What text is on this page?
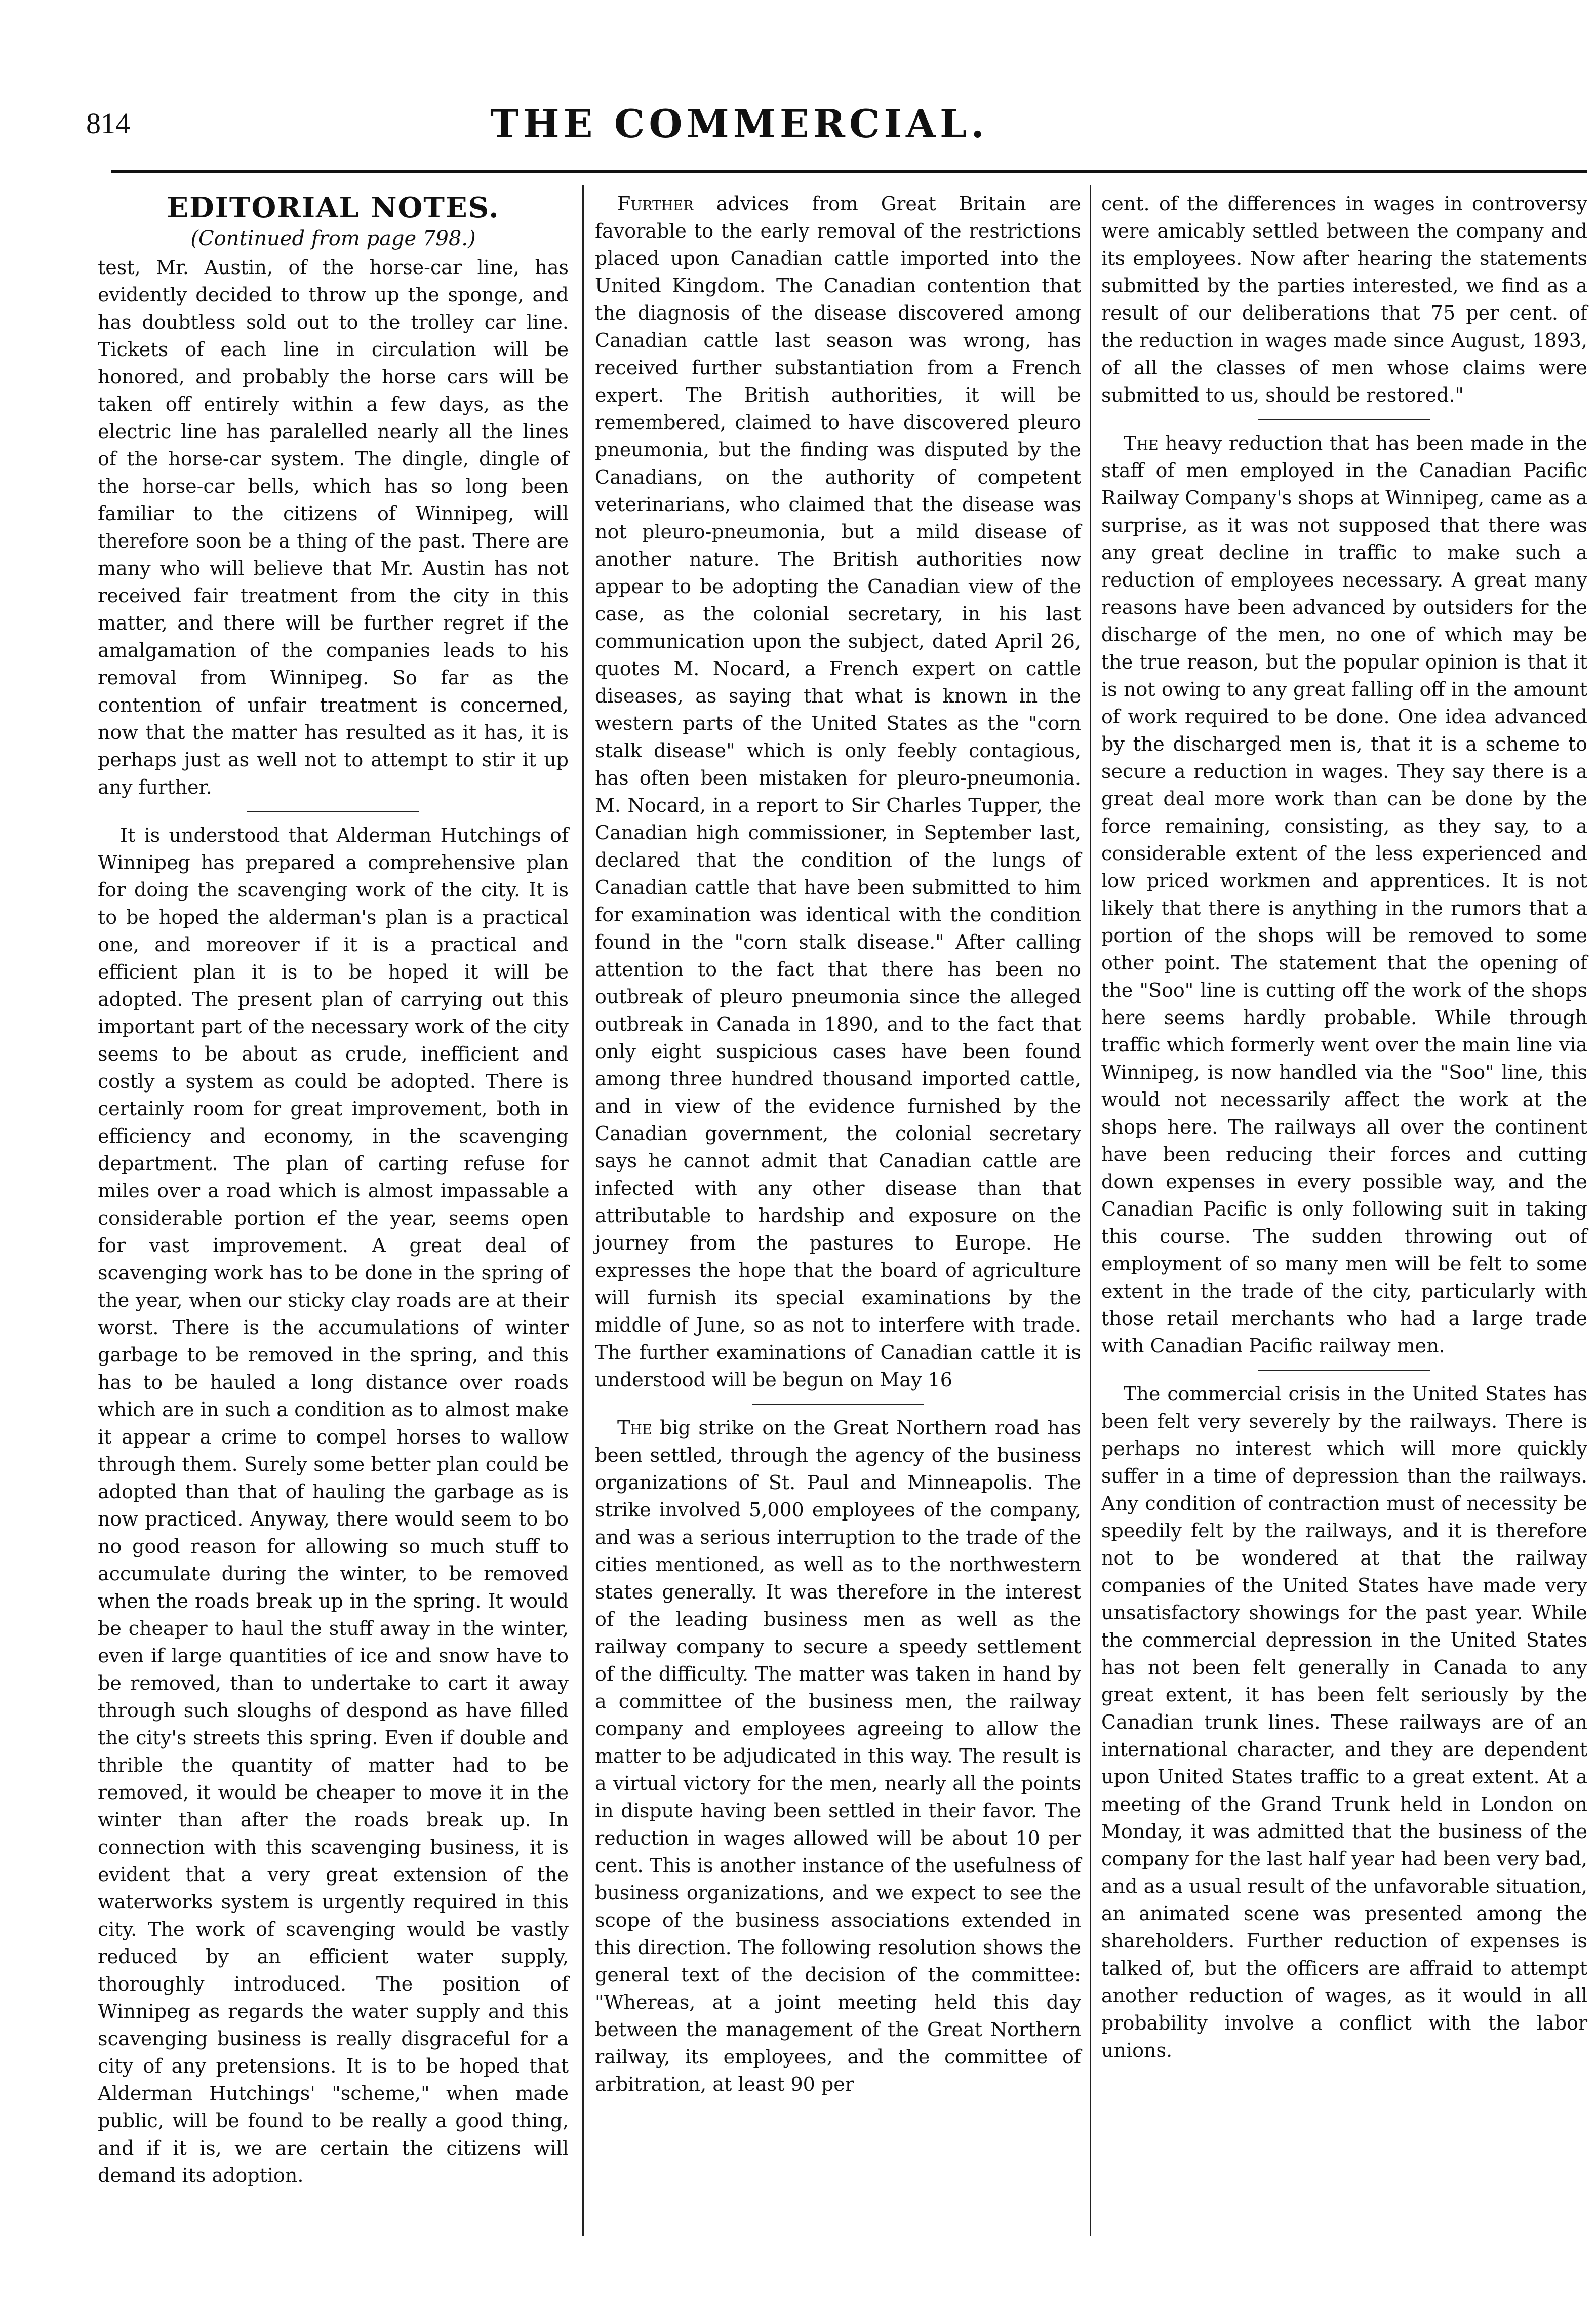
814	THE COMMERCIAL.
EDITORIAL NOTES.

(Continued from page 798.)

test, Mr. Austin, of the horse-car line, has evidently decided to throw up the sponge, and has doubtless sold out to the trolley car line. Tickets of each line in circulation will be honored, and probably the horse cars will be taken off entirely within a few days, as the electric line has paralelled nearly all the lines of the horse-car system. The dingle, dingle of the horse-car bells, which has so long been familiar to the citizens of Winnipeg, will therefore soon be a thing of the past. There are many who will believe that Mr. Austin has not received fair treatment from the city in this matter, and there will be further regret if the amalgamation of the companies leads to his removal from Winnipeg. So far as the contention of unfair treatment is concerned, now that the matter has resulted as it has, it is perhaps just as well not to attempt to stir it up any further.

It is understood that Alderman Hutchings of Winnipeg has prepared a comprehensive plan for doing the scavenging work of the city. It is to be hoped the alderman's plan is a practical one, and moreover if it is a practical and efficient plan it is to be hoped it will be adopted. The present plan of carrying out this important part of the necessary work of the city seems to be about as crude, inefficient and costly a system as could be adopted. There is certainly room for great improvement, both in efficiency and economy, in the scavenging department. The plan of carting refuse for miles over a road which is almost impassable a considerable portion ef the year, seems open for vast improvement. A great deal of scavenging work has to be done in the spring of the year, when our sticky clay roads are at their worst. There is the accumulations of winter garbage to be removed in the spring, and this has to be hauled a long distance over roads which are in such a condition as to almost make it appear a crime to compel horses to wallow through them. Surely some better plan could be adopted than that of hauling the garbage as is now practiced. Anyway, there would seem to bo no good reason for allowing so much stuff to accumulate during the winter, to be removed when the roads break up in the spring. It would be cheaper to haul the stuff away in the winter, even if large quantities of ice and snow have to be removed, than to undertake to cart it away through such sloughs of despond as have filled the city's streets this spring. Even if double and thrible the quantity of matter had to be removed, it would be cheaper to move it in the winter than after the roads break up. In connection with this scavenging business, it is evident that a very great extension of the waterworks system is urgently required in this city. The work of scavenging would be vastly reduced by an efficient water supply, thoroughly introduced. The position of Winnipeg as regards the water supply and this scavenging business is really disgraceful for a city of any pretensions. It is to be hoped that Alderman Hutchings' "scheme," when made public, will be found to be really a good thing, and if it is, we are certain the citizens will demand its adoption.

Further advices from Great Britain are favorable to the early removal of the restrictions placed upon Canadian cattle imported into the United Kingdom. The Canadian contention that the diagnosis of the disease discovered among Canadian cattle last season was wrong, has received further substantiation from a French expert. The British authorities, it will be remembered, claimed to have discovered pleuro pneumonia, but the finding was disputed by the Canadians, on the authority of competent veterinarians, who claimed that the disease was not pleuro-pneumonia, but a mild disease of another nature. The British authorities now appear to be adopting the Canadian view of the case, as the colonial secretary, in his last communication upon the subject, dated April 26, quotes M. Nocard, a French expert on cattle diseases, as saying that what is known in the western parts of the United States as the "corn stalk disease" which is only feebly contagious, has often been mistaken for pleuro-pneumonia. M. Nocard, in a report to Sir Charles Tupper, the Canadian high commissioner, in September last, declared that the condition of the lungs of Canadian cattle that have been submitted to him for examination was identical with the condition found in the "corn stalk disease." After calling attention to the fact that there has been no outbreak of pleuro pneumonia since the alleged outbreak in Canada in 1890, and to the fact that only eight suspicious cases have been found among three hundred thousand imported cattle, and in view of the evidence furnished by the Canadian government, the colonial secretary says he cannot admit that Canadian cattle are infected with any other disease than that attributable to hardship and exposure on the journey from the pastures to Europe. He expresses the hope that the board of agriculture will furnish its special examinations by the middle of June, so as not to interfere with trade. The further examinations of Canadian cattle it is understood will be begun on May 16

The big strike on the Great Northern road has been settled, through the agency of the business organizations of St. Paul and Minneapolis. The strike involved 5,000 employees of the company, and was a serious interruption to the trade of the cities mentioned, as well as to the northwestern states generally. It was therefore in the interest of the leading business men as well as the railway company to secure a speedy settlement of the difficulty. The matter was taken in hand by a committee of the business men, the railway company and employees agreeing to allow the matter to be adjudicated in this way. The result is a virtual victory for the men, nearly all the points in dispute having been settled in their favor. The reduction in wages allowed will be about 10 per cent. This is another instance of the usefulness of business organizations, and we expect to see the scope of the business associations extended in this direction. The following resolution shows the general text of the decision of the committee: "Whereas, at a joint meeting held this day between the management of the Great Northern railway, its employees, and the committee of arbitration, at least 90 per

cent. of the differences in wages in controversy were amicably settled between the company and its employees. Now after hearing the statements submitted by the parties interested, we find as a result of our deliberations that 75 per cent. of the reduction in wages made since August, 1893, of all the classes of men whose claims were submitted to us, should be restored."

The heavy reduction that has been made in the staff of men employed in the Canadian Pacific Railway Company's shops at Winnipeg, came as a surprise, as it was not supposed that there was any great decline in traffic to make such a reduction of employees necessary. A great many reasons have been advanced by outsiders for the discharge of the men, no one of which may be the true reason, but the popular opinion is that it is not owing to any great falling off in the amount of work required to be done. One idea advanced by the discharged men is, that it is a scheme to secure a reduction in wages. They say there is a great deal more work than can be done by the force remaining, consisting, as they say, to a considerable extent of the less experienced and low priced workmen and apprentices. It is not likely that there is anything in the rumors that a portion of the shops will be removed to some other point. The statement that the opening of the "Soo" line is cutting off the work of the shops here seems hardly probable. While through traffic which formerly went over the main line via Winnipeg, is now handled via the "Soo" line, this would not necessarily affect the work at the shops here. The railways all over the continent have been reducing their forces and cutting down expenses in every possible way, and the Canadian Pacific is only following suit in taking this course. The sudden throwing out of employment of so many men will be felt to some extent in the trade of the city, particularly with those retail merchants who had a large trade with Canadian Pacific railway men.

The commercial crisis in the United States has been felt very severely by the railways. There is perhaps no interest which will more quickly suffer in a time of depression than the railways. Any condition of contraction must of necessity be speedily felt by the railways, and it is therefore not to be wondered at that the railway companies of the United States have made very unsatisfactory showings for the past year. While the commercial depression in the United States has not been felt generally in Canada to any great extent, it has been felt seriously by the Canadian trunk lines. These railways are of an international character, and they are dependent upon United States traffic to a great extent. At a meeting of the Grand Trunk held in London on Monday, it was admitted that the business of the company for the last half year had been very bad, and as a usual result of the unfavorable situation, an animated scene was presented among the shareholders. Further reduction of expenses is talked of, but the officers are affraid to attempt another reduction of wages, as it would in all probability involve a conflict with the labor unions.
